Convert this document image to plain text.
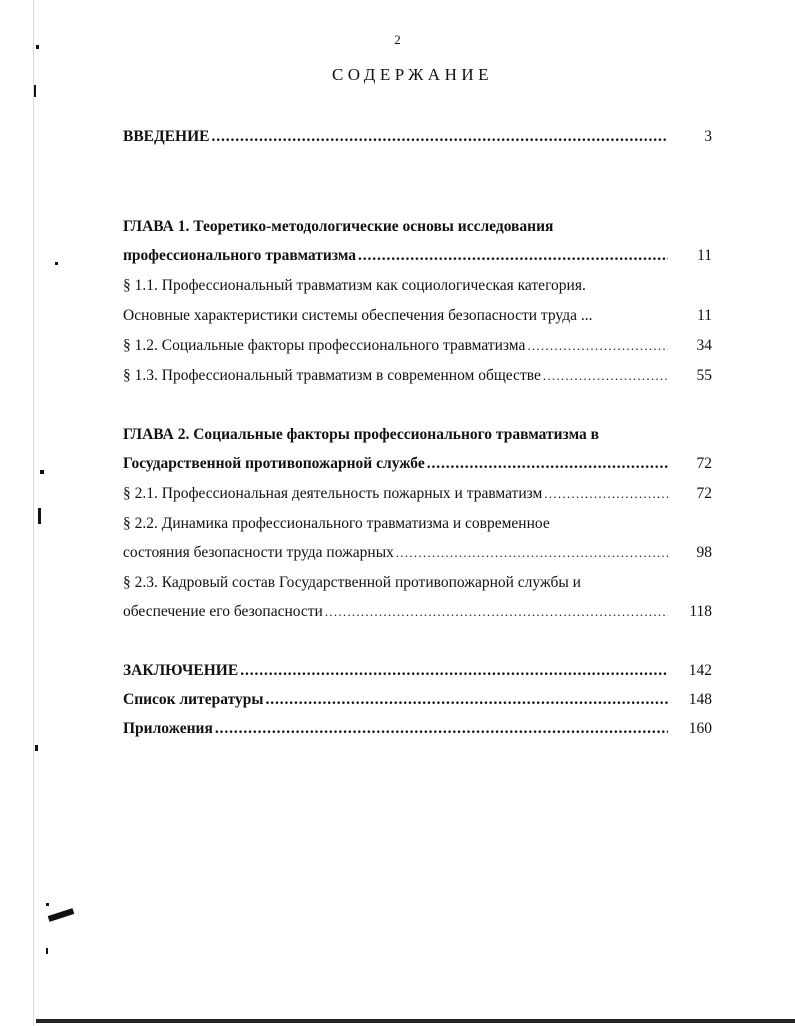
2
СОДЕРЖАНИЕ
ВВЕДЕНИЕ . . .	3
ГЛАВА 1. Теоретико-методологические основы исследования
профессионального травматизма . . .	11
§ 1.1. Профессиональный травматизм как социологическая категория.
Основные характеристики системы обеспечения безопасности труда ...	11
§ 1.2. Социальные факторы профессионального травматизма . . .	34
§ 1.3. Профессиональный травматизм в современном обществе . . .	55
ГЛАВА 2. Социальные факторы профессионального травматизма в
Государственной противопожарной службе . . .	72
§ 2.1. Профессиональная деятельность пожарных и травматизм . . .	72
§ 2.2. Динамика профессионального травматизма и современное
состояния безопасности труда пожарных . . .	98
§ 2.3. Кадровый состав Государственной противопожарной службы и
обеспечение его безопасности . . .	118
ЗАКЛЮЧЕНИЕ . . .	142
Список литературы . . .	148
Приложения . . .	160
